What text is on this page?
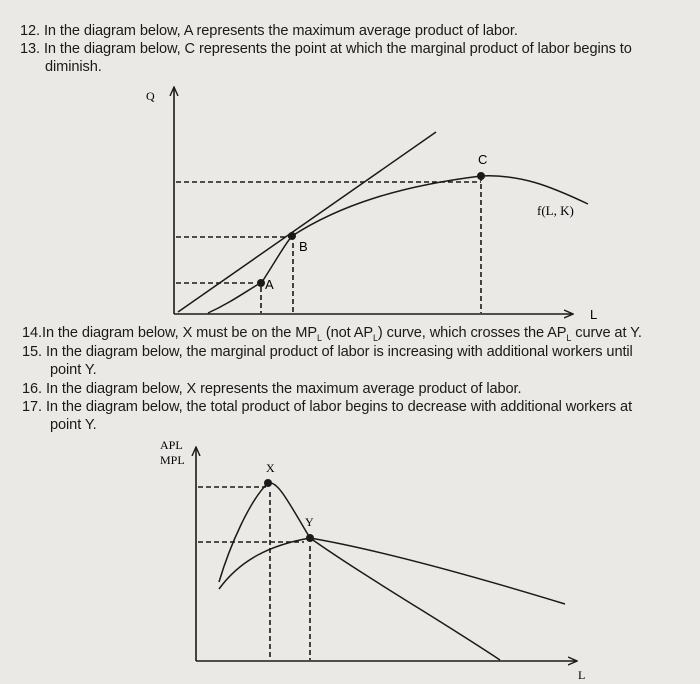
12. In the diagram below, A represents the maximum average product of labor.
13. In the diagram below, C represents the point at which the marginal product of labor begins to
diminish.
Q
L
f(L, K)
A
B
C
14.In the diagram below, X must be on the $MP_L$ (not $AP_L$) curve, which crosses the $AP_L$ curve at Y.
15. In the diagram below, the marginal product of labor is increasing with additional workers until
point Y.
16. In the diagram below, X represents the maximum average product of labor.
17. In the diagram below, the total product of labor begins to decrease with additional workers at
point Y.
APL
MPL
L
X
Y
